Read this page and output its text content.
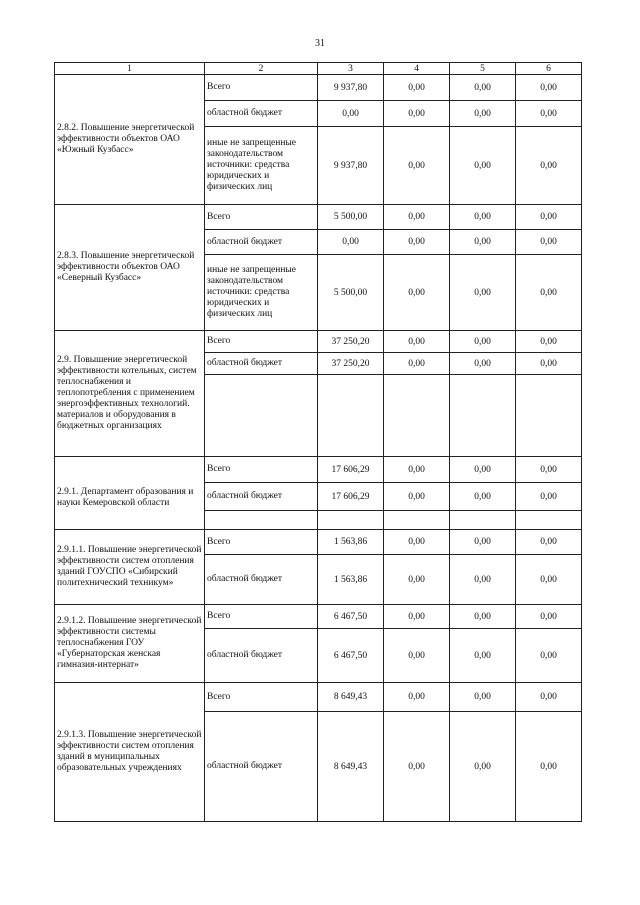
31
1	2	3	4	5	6
2.8.2. Повышение энергетической эффективности объектов ОАО «Южный Кузбасс»	Всего	9 937,80	0,00	0,00	0,00
	областной бюджет	0,00	0,00	0,00	0,00
	иные не запрещенные законодательством источники: средства юридических и физических лиц	9 937,80	0,00	0,00	0,00
2.8.3. Повышение энергетической эффективности объектов ОАО «Северный Кузбасс»	Всего	5 500,00	0,00	0,00	0,00
	областной бюджет	0,00	0,00	0,00	0,00
	иные не запрещенные законодательством источники: средства юридических и физических лиц	5 500,00	0,00	0,00	0,00
2.9. Повышение энергетической эффективности котельных, систем теплоснабжения и теплопотребления с применением энергоэффективных технологий. материалов и оборудования в бюджетных организациях	Всего	37 250,20	0,00	0,00	0,00
	областной бюджет	37 250,20	0,00	0,00	0,00

2.9.1. Департамент образования и науки Кемеровской области	Всего	17 606,29	0,00	0,00	0,00
	областной бюджет	17 606,29	0,00	0,00	0,00

2.9.1.1. Повышение энергетической эффективности систем отопления зданий ГОУСПО «Сибирский политехнический техникум»	Всего	1 563,86	0,00	0,00	0,00
	областной бюджет	1 563,86	0,00	0,00	0,00
2.9.1.2. Повышение энергетической эффективности системы теплоснабжения ГОУ «Губернаторская женская гимназия-интернат»	Всего	6 467,50	0,00	0,00	0,00
	областной бюджет	6 467,50	0,00	0,00	0,00
2.9.1.3. Повышение энергетической эффективности систем отопления зданий в муниципальных образовательных учреждениях	Всего	8 649,43	0,00	0,00	0,00
	областной бюджет	8 649,43	0,00	0,00	0,00
